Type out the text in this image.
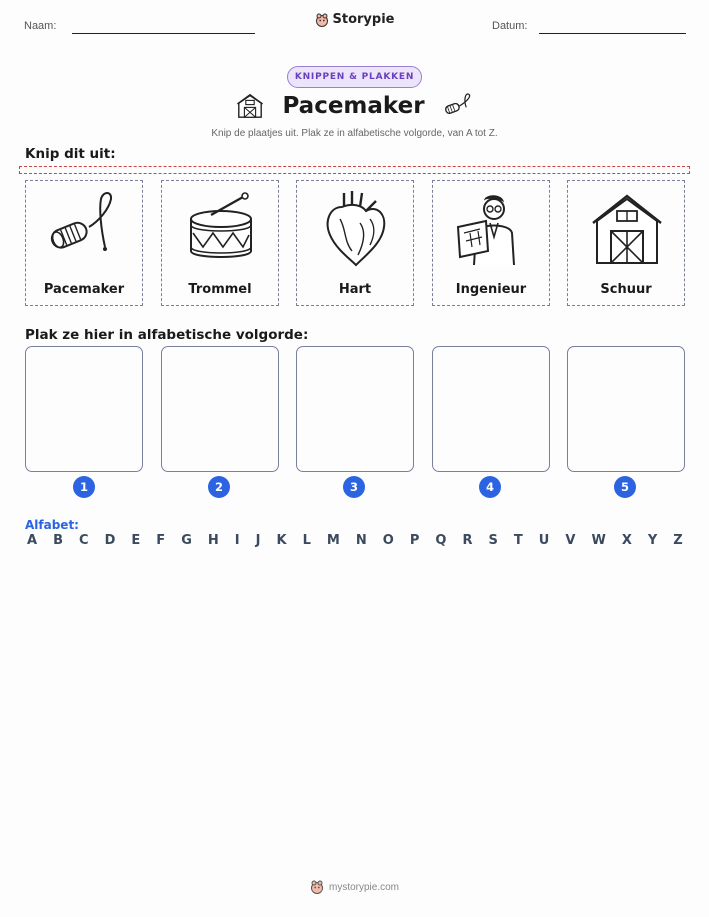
Naam:	Storypie	Datum:
KNIPPEN & PLAKKEN
Pacemaker
Knip de plaatjes uit. Plak ze in alfabetische volgorde, van A tot Z.
Knip dit uit:
Pacemaker	Trommel	Hart	Ingenieur	Schuur
Plak ze hier in alfabetische volgorde:
1	2	3	4	5
Alfabet:
A B C D E F G H I J K L M N O P Q R S T U V W X Y Z
mystorypie.com
